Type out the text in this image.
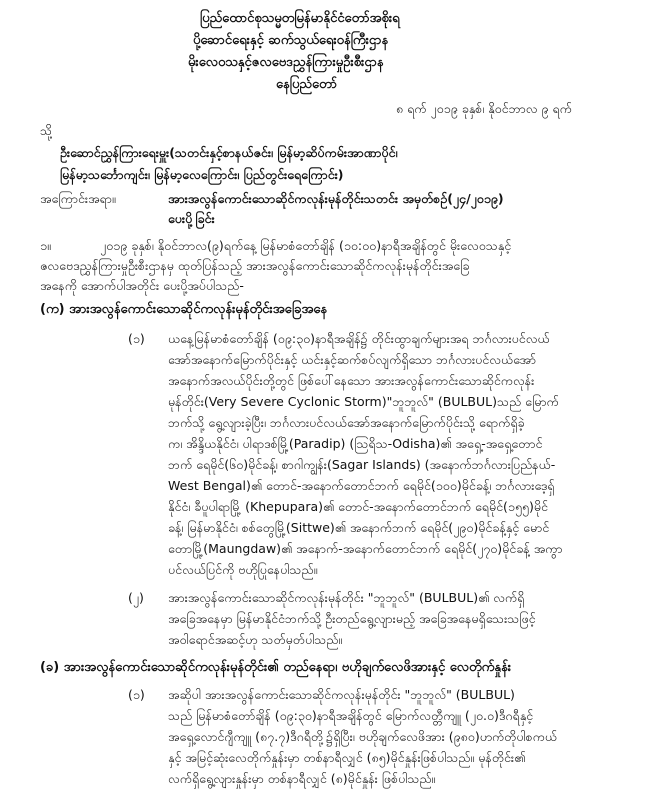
ပြည်ထောင်စုသမ္မတမြန်မာနိုင်ငံတော်အစိုးရ
ပို့ဆောင်ရေးနှင့် ဆက်သွယ်ရေးဝန်ကြီးဌာန
မိုးလေဝသနှင့်ဇလဗေဒညွှန်ကြားမှုဦးစီးဌာန
နေပြည်တော်
၈ ရက် ၂၀၁၉ ခုနှစ်၊ နိုဝင်ဘာလ ၉ ရက်
သို့
ဦးဆောင်ညွှန်ကြားရေးမှူး(သတင်းနှင့်စာနယ်ဇင်း၊ မြန်မာ့ဆိပ်ကမ်းအာဏာပိုင်၊
မြန်မာ့သင်္ဘောကျင်း၊ မြန်မာ့လေကြောင်း၊ ပြည်တွင်းရေကြောင်း)
အကြောင်းအရာ။	အားအလွန်ကောင်းသောဆိုင်ကလုန်းမုန်တိုင်းသတင်း အမှတ်စဉ်(၂၄/၂၀၁၉)
ပေးပို့ခြင်း
၁။	၂၀၁၉ ခုနှစ်၊ နိုဝင်ဘာလ(၉)ရက်နေ့ မြန်မာစံတော်ချိန် (၁၀:၀၀)နာရီအချိန်တွင် မိုးလေဝသနှင့်
ဇလဗေဒညွှန်ကြားမှုဦးစီးဌာနမှ ထုတ်ပြန်သည့် အားအလွန်ကောင်းသောဆိုင်ကလုန်းမုန်တိုင်းအခြေ
အနေကို အောက်ပါအတိုင်း ပေးပို့အပ်ပါသည်-
(က) အားအလွန်ကောင်းသောဆိုင်ကလုန်းမုန်တိုင်းအခြေအနေ
(၁) ယနေ့မြန်မာစံတော်ချိန် (၀၉:၃၀)နာရီအချိန်၌ တိုင်းထွာချက်များအရ ဘင်္ဂလားပင်လယ်
အော်အနောက်မြောက်ပိုင်းနှင့် ယင်းနှင့်ဆက်စပ်လျက်ရှိသော ဘင်္ဂလားပင်လယ်အော်
အနောက်အလယ်ပိုင်းတို့တွင် ဖြစ်ပေါ်နေသော အားအလွန်ကောင်းသောဆိုင်ကလုန်း
မုန်တိုင်း(Very Severe Cyclonic Storm)"ဘူဘူလ်" (BULBUL)သည် မြောက်
ဘက်သို့ ရွေ့လျားခဲ့ပြီး၊ ဘင်္ဂလားပင်လယ်အော်အနောက်မြောက်ပိုင်းသို့ ရောက်ရှိခဲ့
က၊ အိန္ဒိယနိုင်ငံ၊ ပါရာဒစ်မြို့(Paradip) (သြရိသ-Odisha)၏ အရှေ့-အရှေ့တောင်
ဘက် ရေမိုင်(၆၀)မိုင်ခန့်၊ စာဂါကျွန်း(Sagar Islands) (အနောက်ဘင်္ဂလားပြည်နယ်-
West Bengal)၏ တောင်-အနောက်တောင်ဘက် ရေမိုင်(၁၀၀)မိုင်ခန့်၊ ဘင်္ဂလားဒေ့ရှ်
နိုင်ငံ၊ ခီပူပါရာမြို့ (Khepupara)၏ တောင်-အနောက်တောင်ဘက် ရေမိုင်(၁၅၅)မိုင်
ခန့်၊ မြန်မာနိုင်ငံ၊ စစ်တွေမြို့(Sittwe)၏ အနောက်ဘက် ရေမိုင်(၂၉၀)မိုင်ခန့်နှင့် မောင်
တောမြို့(Maungdaw)၏ အနောက်-အနောက်တောင်ဘက် ရေမိုင်(၂၇၀)မိုင်ခန့် အကွာ
ပင်လယ်ပြင်ကို ဗဟိုပြုနေပါသည်။
(၂) အားအလွန်ကောင်းသောဆိုင်ကလုန်းမုန်တိုင်း "ဘူဘူလ်" (BULBUL)၏ လက်ရှိ
အခြေအနေမှာ မြန်မာနိုင်ငံဘက်သို့ ဦးတည်ရွေ့လျားမည့် အခြေအနေမရှိသေးသဖြင့်
အဝါရောင်အဆင့်ဟု သတ်မှတ်ပါသည်။
(ခ) အားအလွန်ကောင်းသောဆိုင်ကလုန်းမုန်တိုင်း၏ တည်နေရာ၊ ဗဟိုချက်လေဖိအားနှင့် လေတိုက်နှုန်း
(၁) အဆိုပါ အားအလွန်ကောင်းသောဆိုင်ကလုန်းမုန်တိုင်း "ဘူဘူလ်" (BULBUL)
သည် မြန်မာစံတော်ချိန် (၀၉:၃၀)နာရီအချိန်တွင် မြောက်လတ္တီကျူ (၂၀.၀)ဒီဂရီနှင့်
အရှေ့လောင်ဂျီကျူ (၈၇.၇)ဒီဂရီတို့၌ရှိပြီး၊ ဗဟိုချက်လေဖိအား (၉၈၀)ဟက်တိုပါစကယ်
နှင့် အမြင့်ဆုံးလေတိုက်နှုန်းမှာ တစ်နာရီလျှင် (၈၅)မိုင်နှုန်းဖြစ်ပါသည်။ မုန်တိုင်း၏
လက်ရှိရွေ့လျားနှုန်းမှာ တစ်နာရီလျှင် (၈)မိုင်နှုန်း ဖြစ်ပါသည်။
